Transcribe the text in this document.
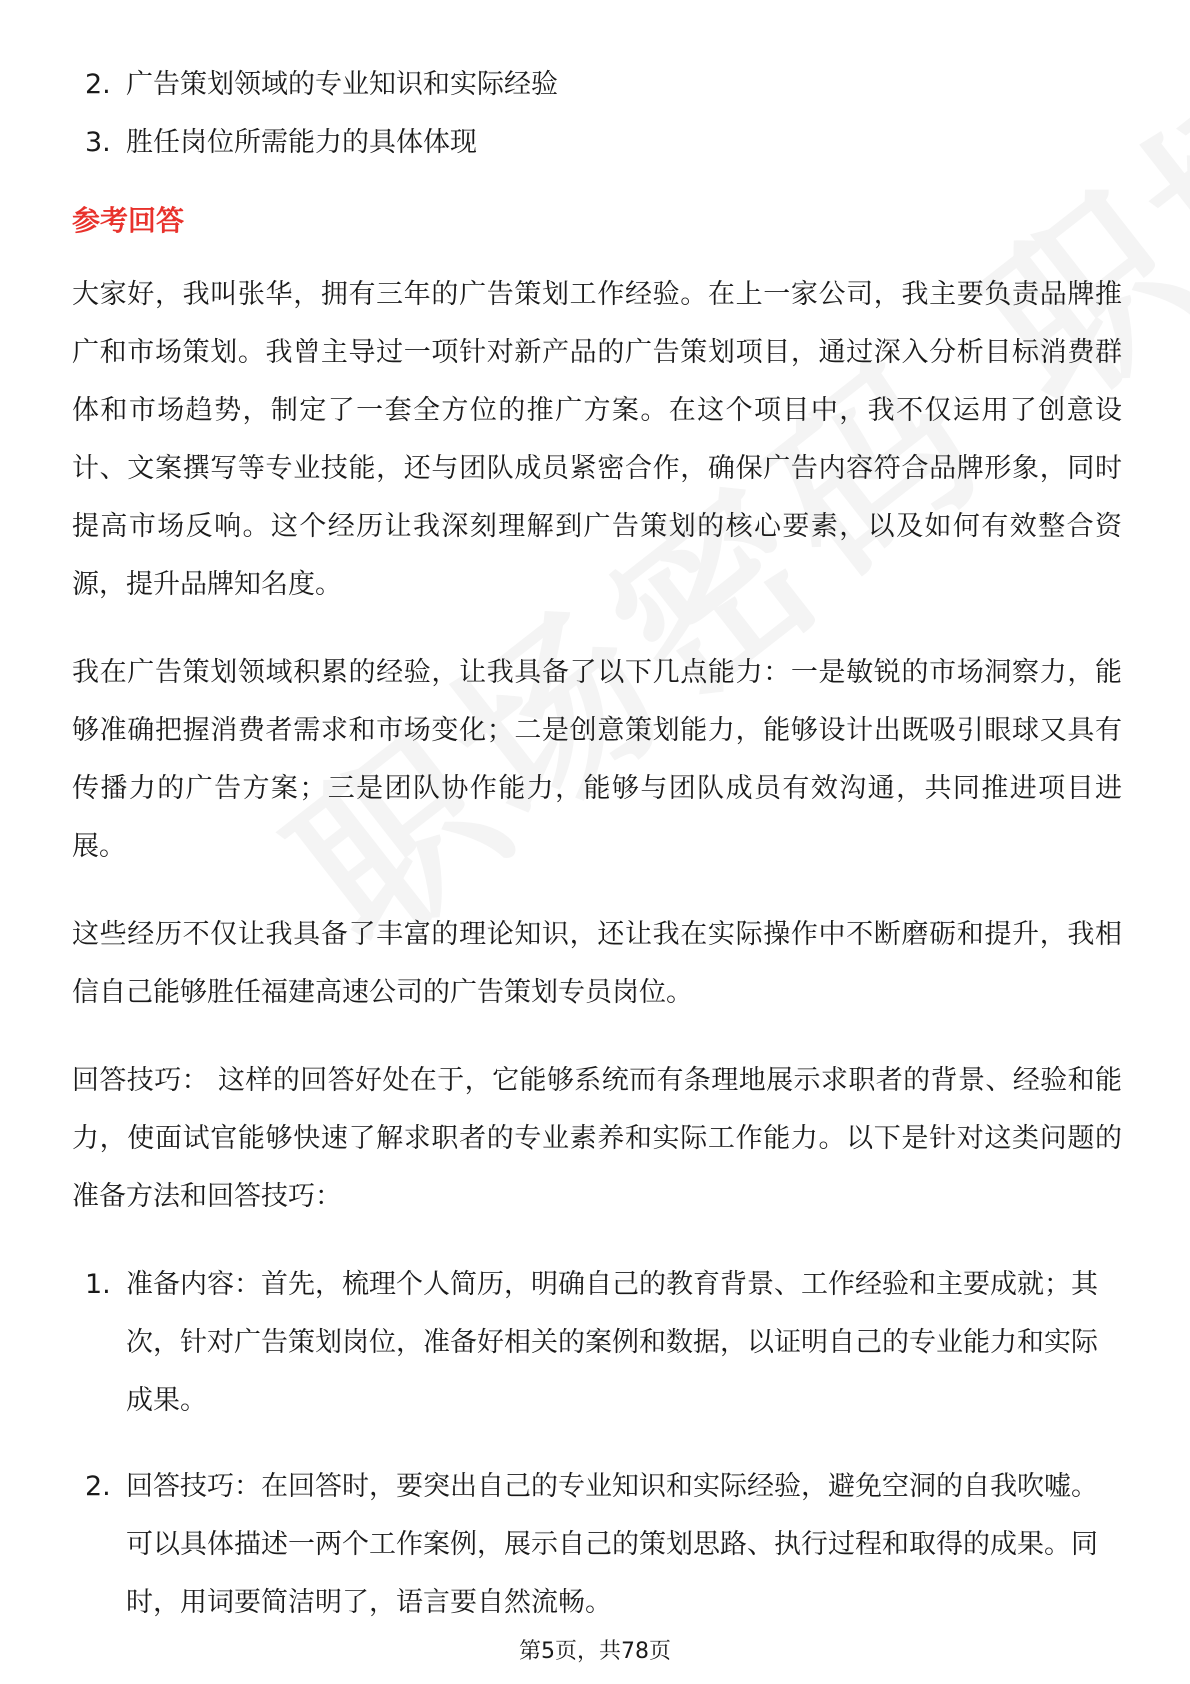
2. 广告策划领域的专业知识和实际经验
3. 胜任岗位所需能力的具体体现
参考回答

大家好，我叫张华，拥有三年的广告策划工作经验。在上一家公司，我主要负责品牌推广和市场策划。我曾主导过一项针对新产品的广告策划项目，通过深入分析目标消费群体和市场趋势，制定了一套全方位的推广方案。在这个项目中，我不仅运用了创意设计、文案撰写等专业技能，还与团队成员紧密合作，确保广告内容符合品牌形象，同时提高市场反响。这个经历让我深刻理解到广告策划的核心要素，以及如何有效整合资源，提升品牌知名度。

我在广告策划领域积累的经验，让我具备了以下几点能力：一是敏锐的市场洞察力，能够准确把握消费者需求和市场变化；二是创意策划能力，能够设计出既吸引眼球又具有传播力的广告方案；三是团队协作能力，能够与团队成员有效沟通，共同推进项目进展。

这些经历不仅让我具备了丰富的理论知识，还让我在实际操作中不断磨砺和提升，我相信自己能够胜任福建高速公司的广告策划专员岗位。

回答技巧： 这样的回答好处在于，它能够系统而有条理地展示求职者的背景、经验和能力，使面试官能够快速了解求职者的专业素养和实际工作能力。以下是针对这类问题的准备方法和回答技巧：

1. 准备内容：首先，梳理个人简历，明确自己的教育背景、工作经验和主要成就；其次，针对广告策划岗位，准备好相关的案例和数据，以证明自己的专业能力和实际成果。
2. 回答技巧：在回答时，要突出自己的专业知识和实际经验，避免空洞的自我吹嘘。可以具体描述一两个工作案例，展示自己的策划思路、执行过程和取得的成果。同时，用词要简洁明了，语言要自然流畅。
第5页，共78页
